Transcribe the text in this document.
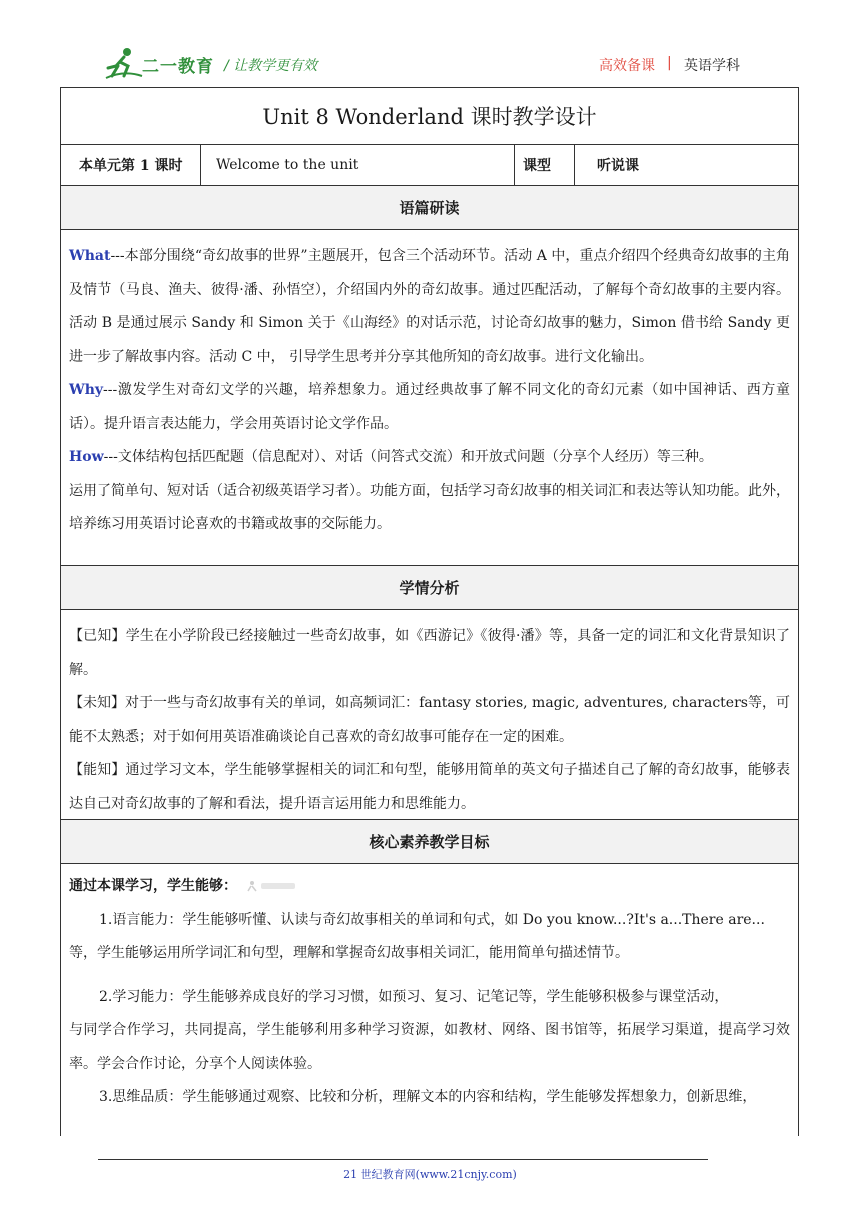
二一教育 / 让教学更有效	高效备课 | 英语学科
Unit 8 Wonderland 课时教学设计
本单元第 1 课时	Welcome to the unit	课型	听说课
语篇研读

What---本部分围绕“奇幻故事的世界”主题展开，包含三个活动环节。活动 A 中，重点介绍四个经典奇幻故事的主角及情节（马良、渔夫、彼得·潘、孙悟空），介绍国内外的奇幻故事。通过匹配活动，了解每个奇幻故事的主要内容。活动 B 是通过展示 Sandy 和 Simon 关于《山海经》的对话示范，讨论奇幻故事的魅力，Simon 借书给 Sandy 更进一步了解故事内容。活动 C 中， 引导学生思考并分享其他所知的奇幻故事。进行文化输出。

Why---激发学生对奇幻文学的兴趣，培养想象力。通过经典故事了解不同文化的奇幻元素（如中国神话、西方童话）。提升语言表达能力，学会用英语讨论文学作品。

How---文体结构包括匹配题（信息配对）、对话（问答式交流）和开放式问题（分享个人经历）等三种。

运用了简单句、短对话（适合初级英语学习者）。功能方面，包括学习奇幻故事的相关词汇和表达等认知功能。此外，培养练习用英语讨论喜欢的书籍或故事的交际能力。

学情分析

【已知】学生在小学阶段已经接触过一些奇幻故事，如《西游记》《彼得·潘》等，具备一定的词汇和文化背景知识了解。

【未知】对于一些与奇幻故事有关的单词，如高频词汇：fantasy stories, magic, adventures, characters等，可能不太熟悉；对于如何用英语准确谈论自己喜欢的奇幻故事可能存在一定的困难。

【能知】通过学习文本，学生能够掌握相关的词汇和句型，能够用简单的英文句子描述自己了解的奇幻故事，能够表达自己对奇幻故事的了解和看法，提升语言运用能力和思维能力。

核心素养教学目标

通过本课学习，学生能够：

1.语言能力：学生能够听懂、认读与奇幻故事相关的单词和句式，如 Do you know...?It's a...There are...

等，学生能够运用所学词汇和句型，理解和掌握奇幻故事相关词汇，能用简单句描述情节。

2.学习能力：学生能够养成良好的学习习惯，如预习、复习、记笔记等，学生能够积极参与课堂活动，

与同学合作学习，共同提高，学生能够利用多种学习资源，如教材、网络、图书馆等，拓展学习渠道，提高学习效率。学会合作讨论，分享个人阅读体验。

3.思维品质：学生能够通过观察、比较和分析，理解文本的内容和结构，学生能够发挥想象力，创新思维，

21 世纪教育网(www.21cnjy.com)
